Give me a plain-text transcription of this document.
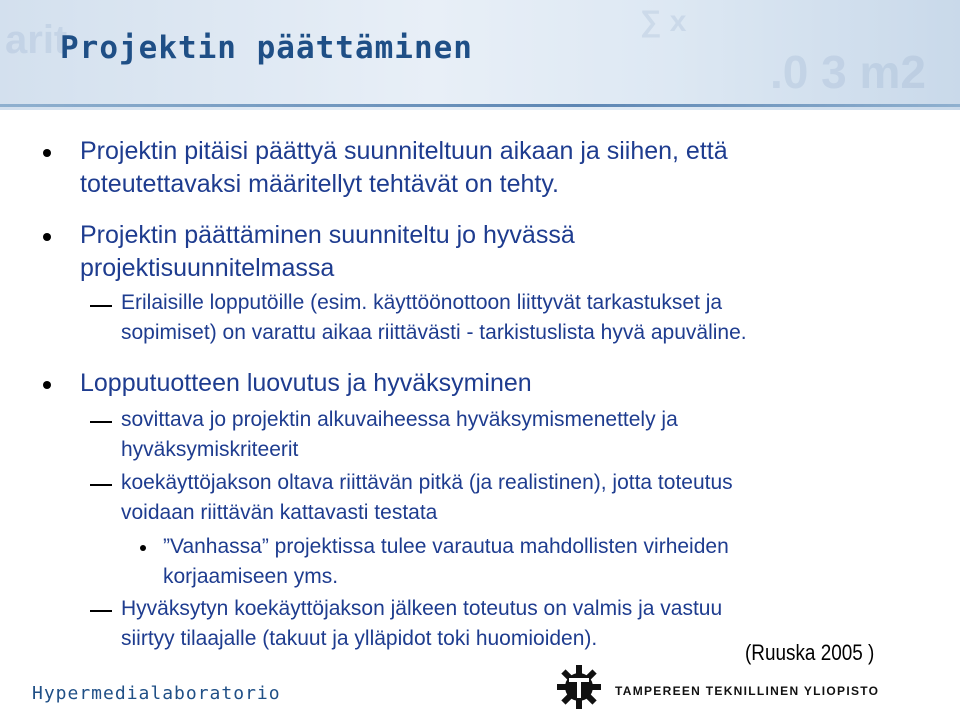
arit
.0 3 m2
∑ x
Projektin päättäminen

Projektin pitäisi päättyä suunniteltuun aikaan ja siihen, että
toteutettavaksi määritellyt tehtävät on tehty.

Projektin päättäminen suunniteltu jo hyvässä
projektisuunnitelmassa

Erilaisille lopputöille (esim. käyttöönottoon liittyvät tarkastukset ja
sopimiset) on varattu aikaa riittävästi - tarkistuslista hyvä apuväline.

Lopputuotteen luovutus ja hyväksyminen

sovittava jo projektin alkuvaiheessa hyväksymismenettely ja
hyväksymiskriteerit

koekäyttöjakson oltava riittävän pitkä (ja realistinen), jotta toteutus
voidaan riittävän kattavasti testata

”Vanhassa” projektissa tulee varautua mahdollisten virheiden
korjaamiseen yms.

Hyväksytyn koekäyttöjakson jälkeen toteutus on valmis ja vastuu
siirtyy tilaajalle (takuut ja ylläpidot toki huomioiden).

(Ruuska 2005 )

Hypermedialaboratorio	TAMPEREEN TEKNILLINEN YLIOPISTO
